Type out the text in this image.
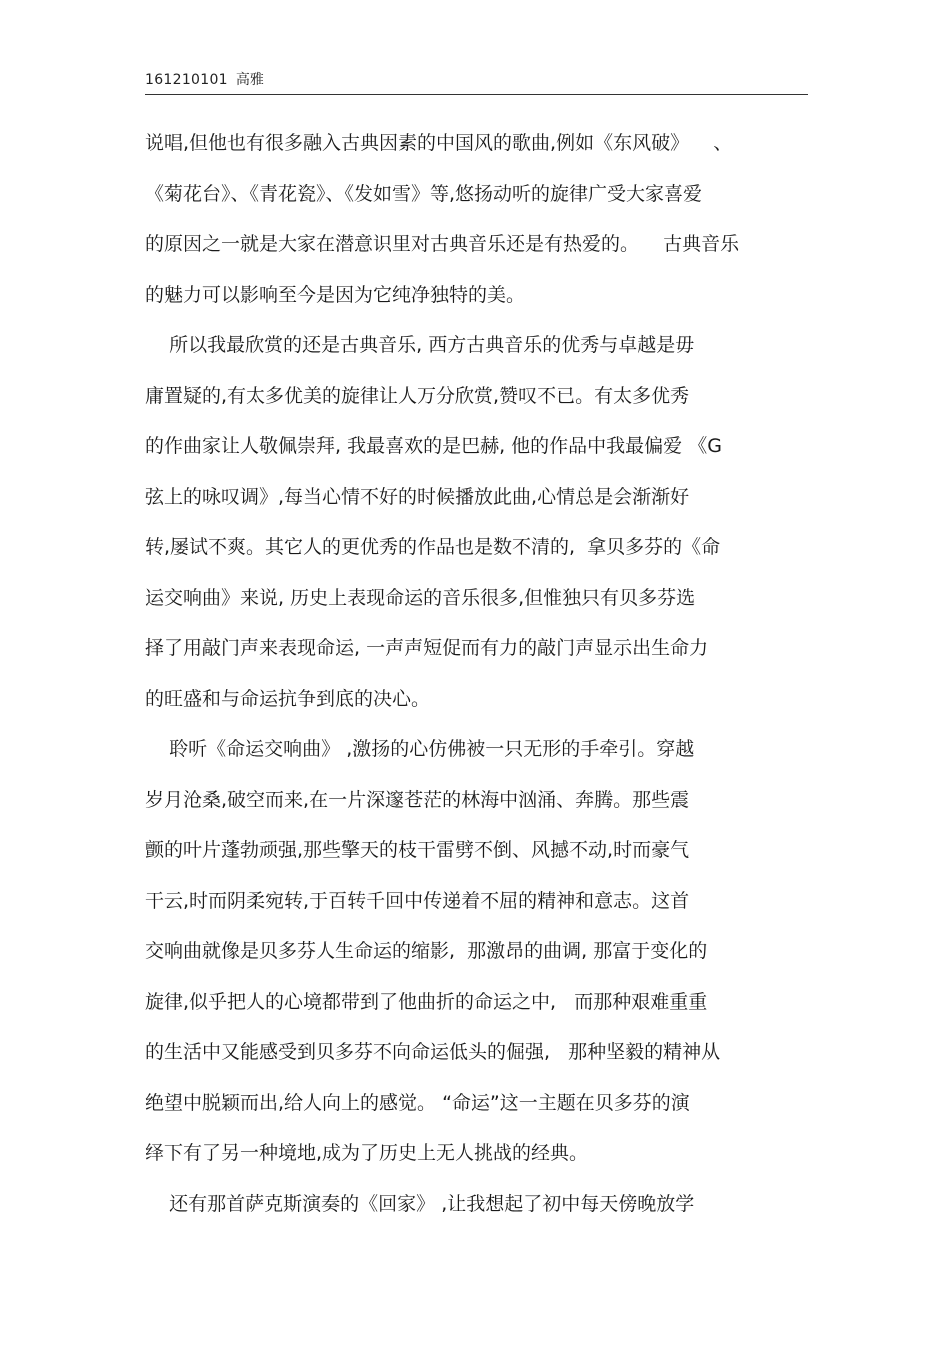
161210101 高雅
说唱,但他也有很多融入古典因素的中国风的歌曲,例如《东风破》    、
《菊花台》、《青花瓷》、《发如雪》等,悠扬动听的旋律广受大家喜爱
的原因之一就是大家在潜意识里对古典音乐还是有热爱的。    古典音乐
的魅力可以影响至今是因为它纯净独特的美。
所以我最欣赏的还是古典音乐, 西方古典音乐的优秀与卓越是毋
庸置疑的,有太多优美的旋律让人万分欣赏,赞叹不已。有太多优秀
的作曲家让人敬佩崇拜, 我最喜欢的是巴赫, 他的作品中我最偏爱 《G
弦上的咏叹调》,每当心情不好的时候播放此曲,心情总是会渐渐好
转,屡试不爽。其它人的更优秀的作品也是数不清的,  拿贝多芬的《命
运交响曲》来说, 历史上表现命运的音乐很多,但惟独只有贝多芬选
择了用敲门声来表现命运, 一声声短促而有力的敲门声显示出生命力
的旺盛和与命运抗争到底的决心。
聆听《命运交响曲》 ,激扬的心仿佛被一只无形的手牵引。穿越
岁月沧桑,破空而来,在一片深邃苍茫的林海中汹涌、奔腾。那些震
颤的叶片蓬勃顽强,那些擎天的枝干雷劈不倒、风撼不动,时而豪气
干云,时而阴柔宛转,于百转千回中传递着不屈的精神和意志。这首
交响曲就像是贝多芬人生命运的缩影,  那激昂的曲调, 那富于变化的
旋律,似乎把人的心境都带到了他曲折的命运之中,   而那种艰难重重
的生活中又能感受到贝多芬不向命运低头的倔强,   那种坚毅的精神从
绝望中脱颖而出,给人向上的感觉。 “命运”这一主题在贝多芬的演
绎下有了另一种境地,成为了历史上无人挑战的经典。
还有那首萨克斯演奏的《回家》 ,让我想起了初中每天傍晚放学
